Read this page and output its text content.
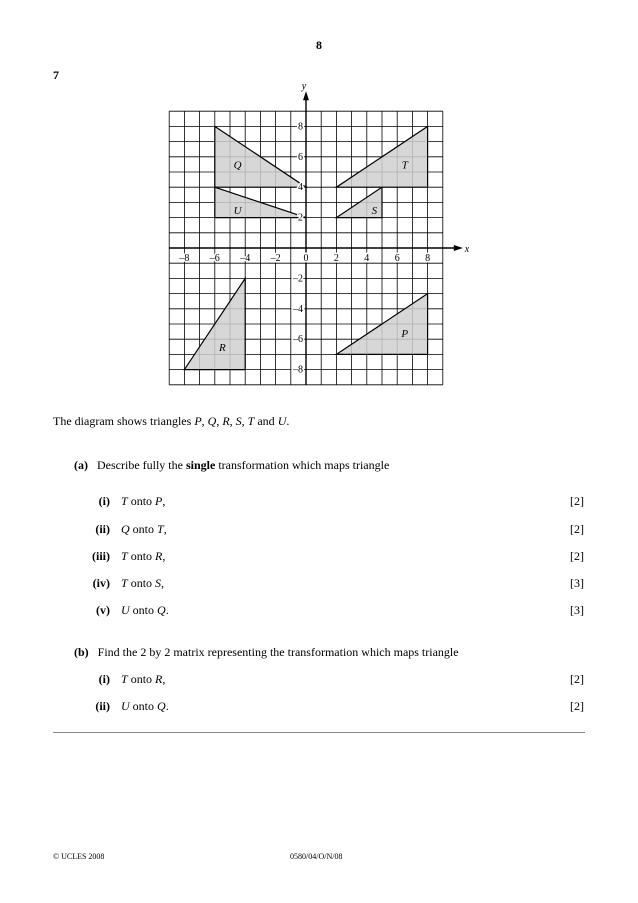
8
7
P
Q
R
S
T
U
–8 –6 –4 –2 0	2	4	6	8
8
6
4
2
–2
–4
–6
–8
x
y
The diagram shows triangles P, Q, R, S, T and U.
(a) Describe fully the single transformation which maps triangle
(i) T onto P,	[2]
(ii) Q onto T,	[2]
(iii) T onto R,	[2]
(iv) T onto S,	[3]
(v) U onto Q.	[3]
(b) Find the 2 by 2 matrix representing the transformation which maps triangle
(i) T onto R,	[2]
(ii) U onto Q.	[2]
© UCLES 2008	0580/04/O/N/08
